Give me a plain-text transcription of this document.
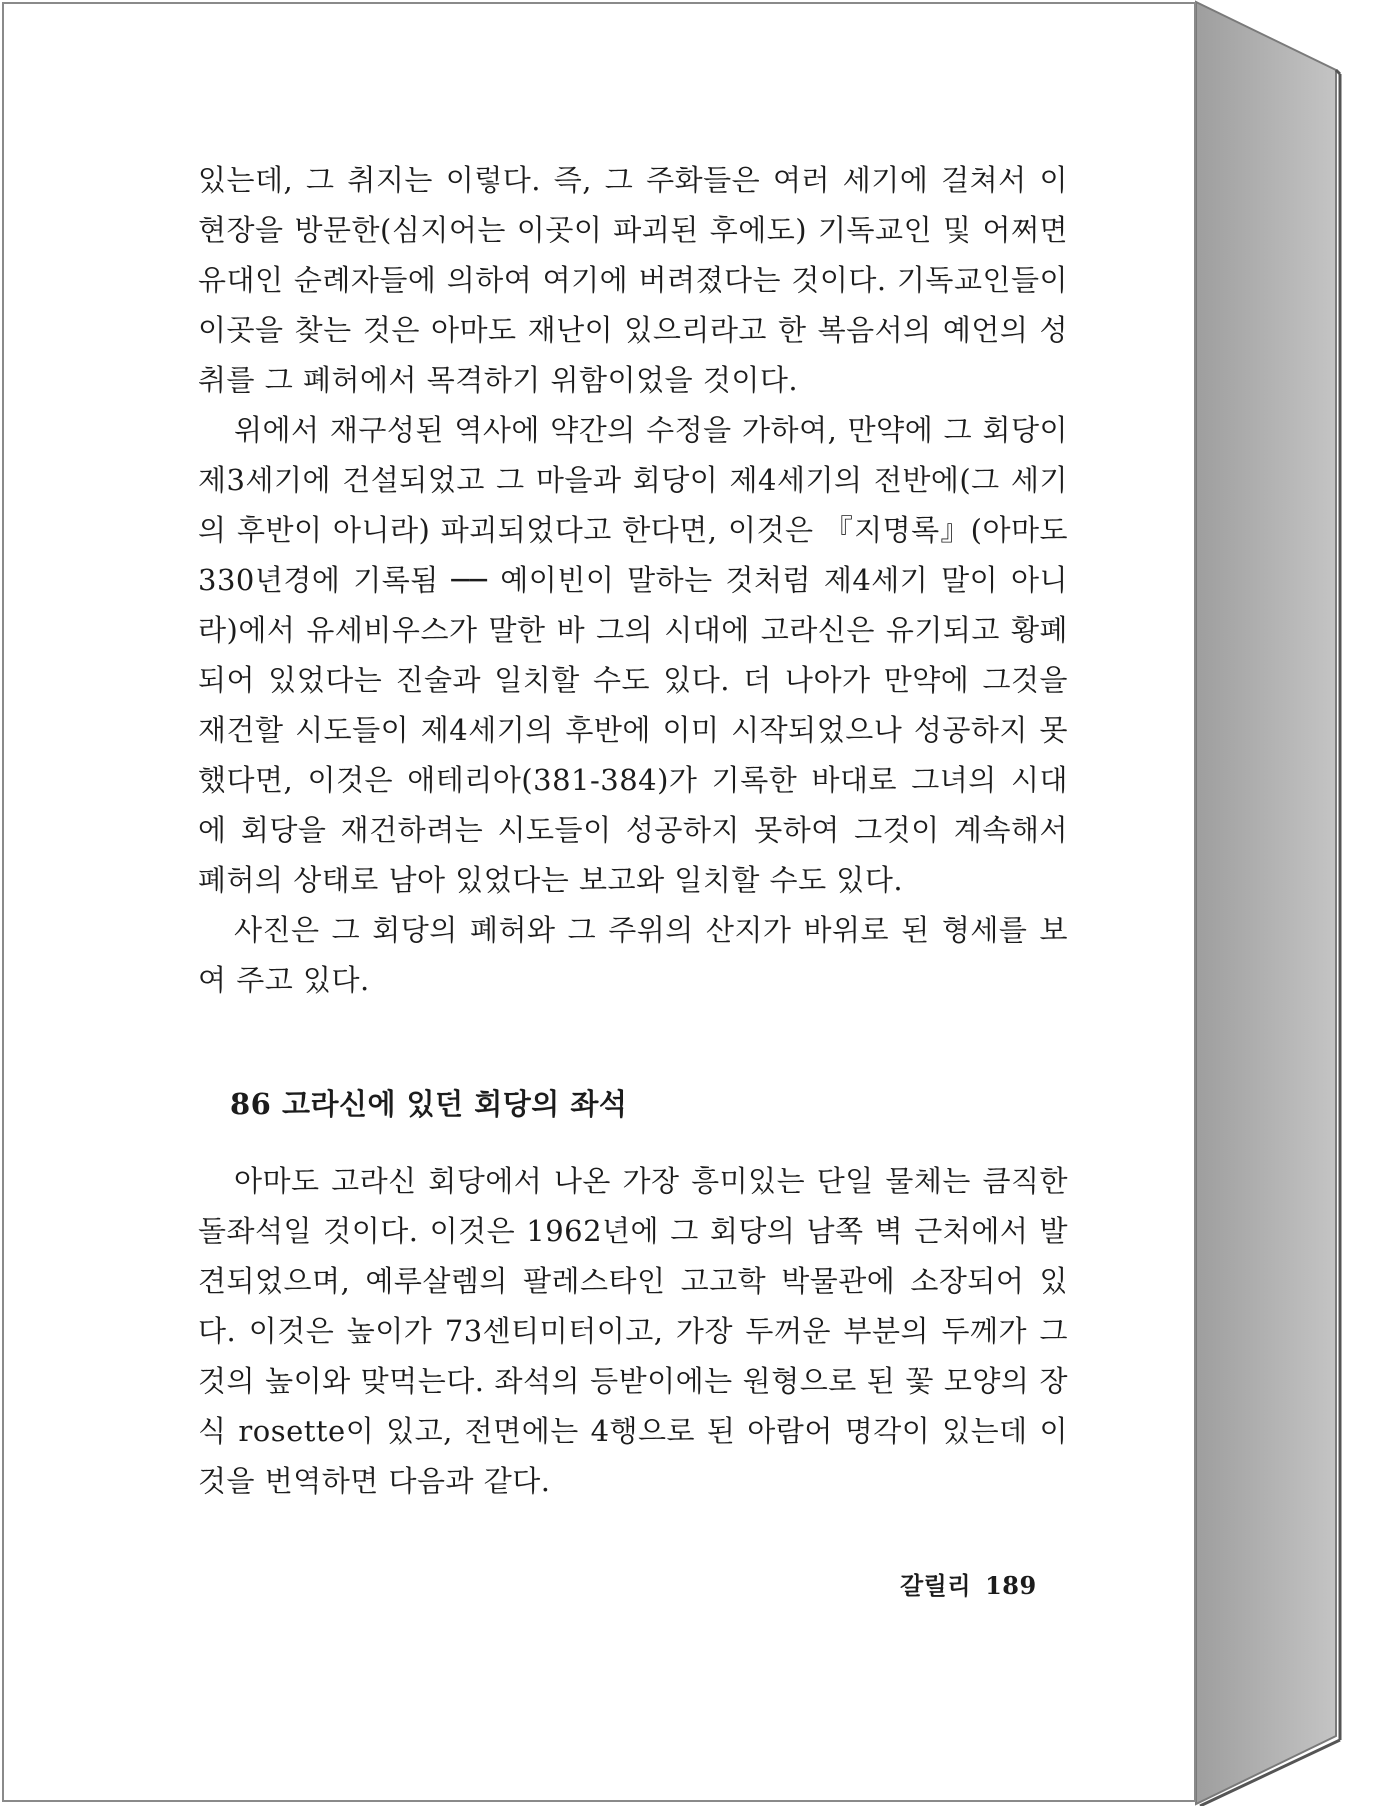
있는데, 그 취지는 이렇다. 즉, 그 주화들은 여러 세기에 걸쳐서 이 현장을 방문한(심지어는 이곳이 파괴된 후에도) 기독교인 및 어쩌면 유대인 순례자들에 의하여 여기에 버려졌다는 것이다. 기독교인들이 이곳을 찾는 것은 아마도 재난이 있으리라고 한 복음서의 예언의 성취를 그 폐허에서 목격하기 위함이었을 것이다.

위에서 재구성된 역사에 약간의 수정을 가하여, 만약에 그 회당이 제3세기에 건설되었고 그 마을과 회당이 제4세기의 전반에(그 세기의 후반이 아니라) 파괴되었다고 한다면, 이것은 『지명록』(아마도 330년경에 기록됨 ── 예이빈이 말하는 것처럼 제4세기 말이 아니라)에서 유세비우스가 말한 바 그의 시대에 고라신은 유기되고 황폐되어 있었다는 진술과 일치할 수도 있다. 더 나아가 만약에 그것을 재건할 시도들이 제4세기의 후반에 이미 시작되었으나 성공하지 못했다면, 이것은 애테리아(381-384)가 기록한 바대로 그녀의 시대에 회당을 재건하려는 시도들이 성공하지 못하여 그것이 계속해서 폐허의 상태로 남아 있었다는 보고와 일치할 수도 있다.

사진은 그 회당의 폐허와 그 주위의 산지가 바위로 된 형세를 보여 주고 있다.

86 고라신에 있던 회당의 좌석

아마도 고라신 회당에서 나온 가장 흥미있는 단일 물체는 큼직한 돌좌석일 것이다. 이것은 1962년에 그 회당의 남쪽 벽 근처에서 발견되었으며, 예루살렘의 팔레스타인 고고학 박물관에 소장되어 있다. 이것은 높이가 73센티미터이고, 가장 두꺼운 부분의 두께가 그것의 높이와 맞먹는다. 좌석의 등받이에는 원형으로 된 꽃 모양의 장식 rosette이 있고, 전면에는 4행으로 된 아람어 명각이 있는데 이것을 번역하면 다음과 같다.

갈릴리 189
